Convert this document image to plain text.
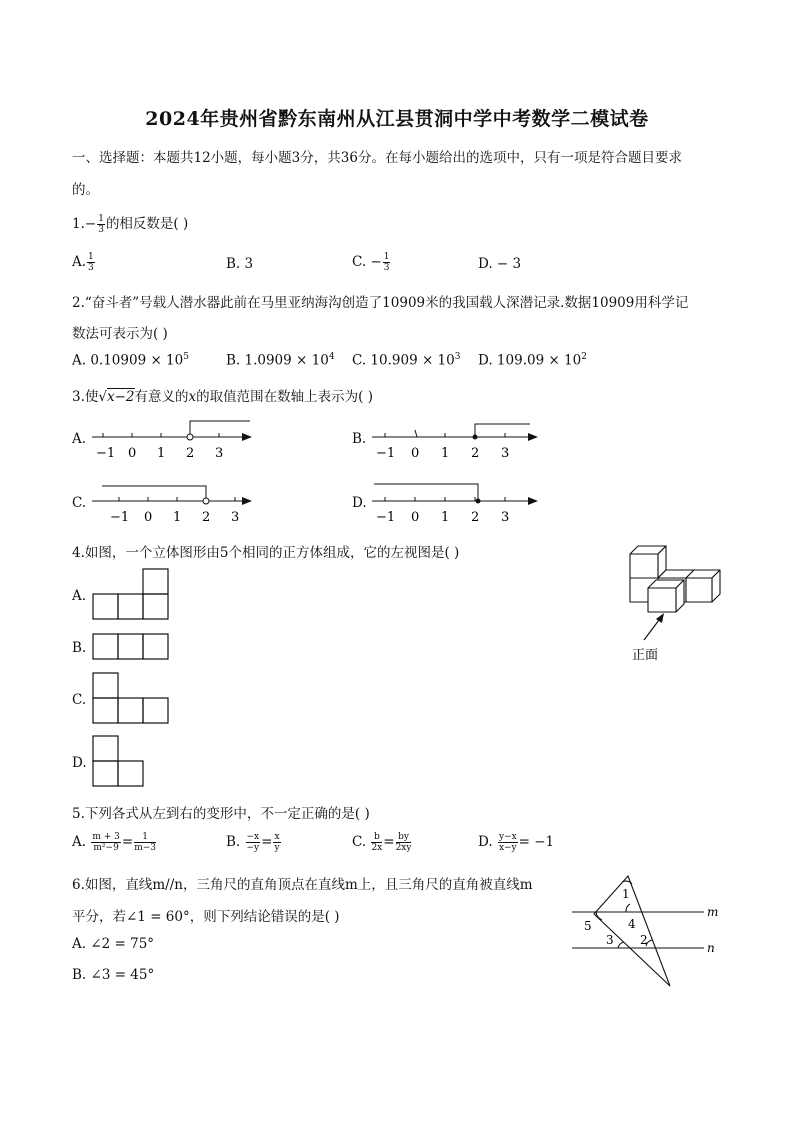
2024年贵州省黔东南州从江县贯洞中学中考数学二模试卷
一、选择题：本题共12小题，每小题3分，共36分。在每小题给出的选项中，只有一项是符合题目要求
的。
$1.- \frac{1}{3}$ 的相反数是( )
A. $\frac{1}{3}$	B. 3	C. − $\frac{1}{3}$	D. − 3
2.“奋斗者”号载人潜水器此前在马里亚纳海沟创造了10909米的我国载人深潜记录.数据10909用科学记
数法可表示为( )
A. $0.10909 \times 10^5$	B. $1.0909 \times 10^4$ C. $10.909 \times 10^3$ D. $109.09 \times 10^2$
3.使√x−2有意义的x的取值范围在数轴上表示为( )
A.	B.
C.	D.
−1 0 1 2 3	−1 0 1 2 3
−1 0 1 2 3	−1 0 1 2 3
4.如图，一个立体图形由5个相同的正方体组成，它的左视图是( )
A.
B.
C.
D.
正面
5.下列各式从左到右的变形中，不一定正确的是( )
A. $\frac{m + 3}{\text{m²−9}} = \frac{1}{m-3}$	B. $\frac{-x}{-y} = \frac{x}{y}$	C. $\frac{b}{2x} = \frac{by}{2xy}$	D. $\frac{y-x}{x-y} = -1$
6.如图，直线m//n，三角尺的直角顶点在直线m上，且三角尺的直角被直线m
平分，若∠1 = 60°，则下列结论错误的是( )
A. ∠2 = 75°
B. ∠3 = 45°
1
4
5
3 2
m
n
